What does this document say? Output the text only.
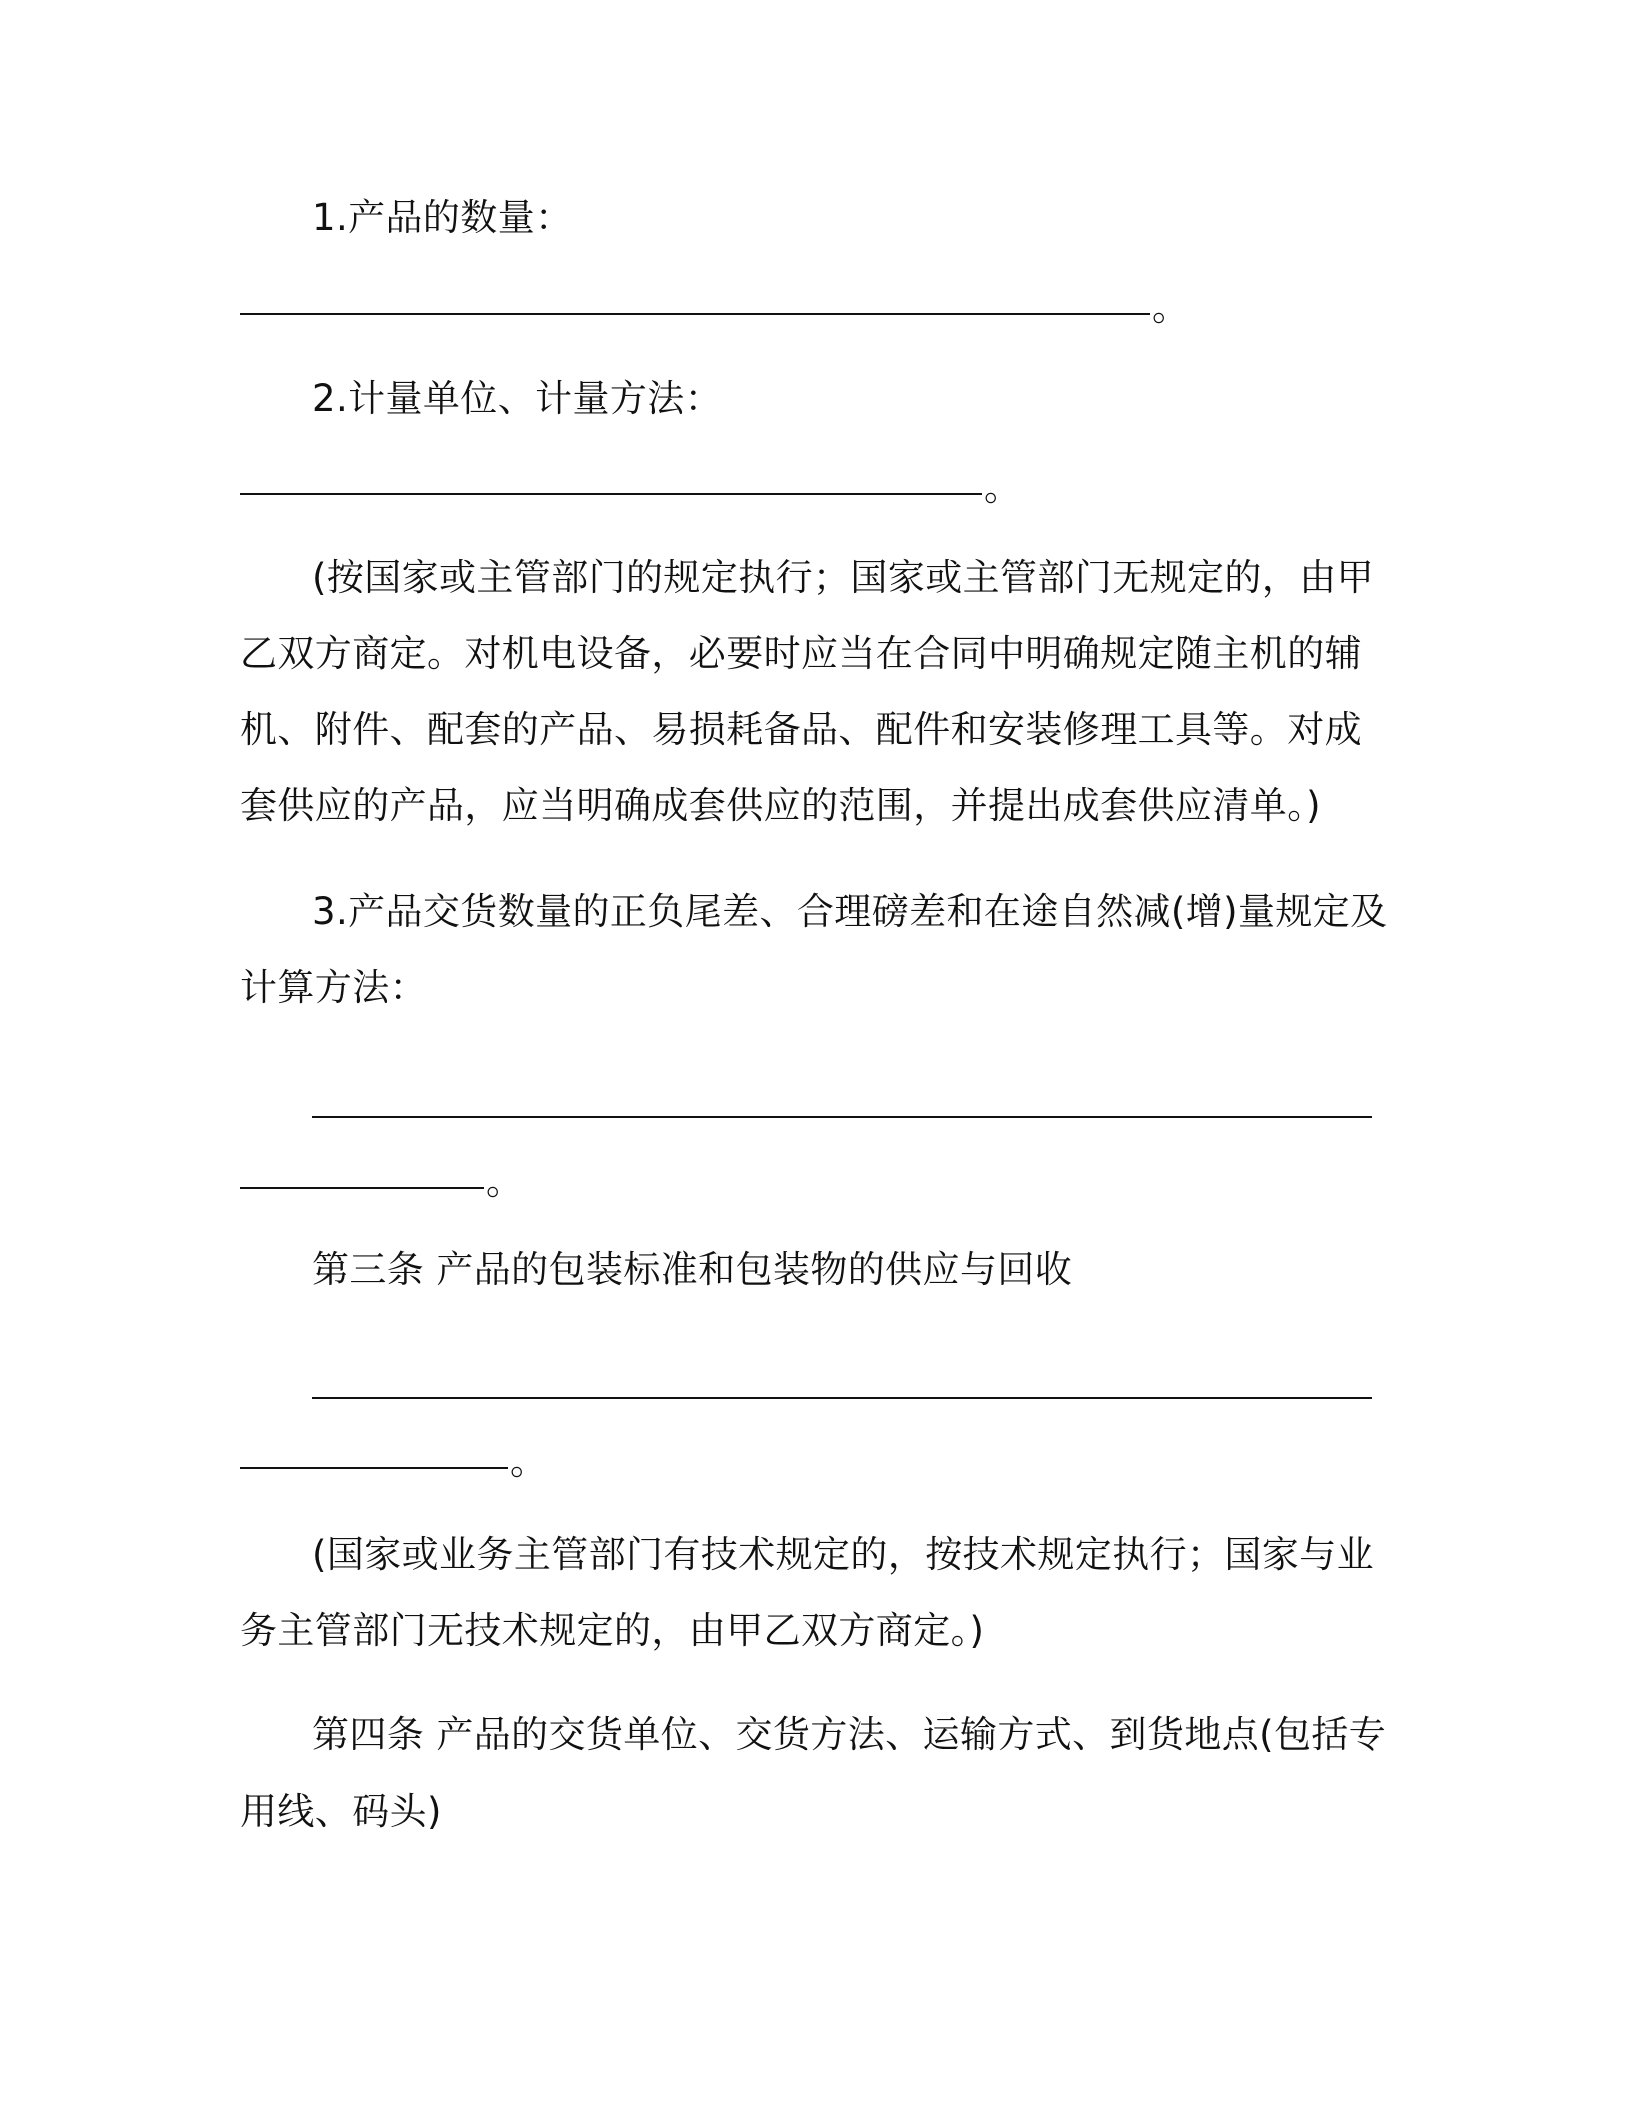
1.产品的数量：
。
2.计量单位、计量方法：
。
(按国家或主管部门的规定执行；国家或主管部门无规定的，由甲
乙双方商定。对机电设备，必要时应当在合同中明确规定随主机的辅
机、附件、配套的产品、易损耗备品、配件和安装修理工具等。对成
套供应的产品，应当明确成套供应的范围，并提出成套供应清单。)
3.产品交货数量的正负尾差、合理磅差和在途自然减(增)量规定及
计算方法：
。
第三条 产品的包装标准和包装物的供应与回收
。
(国家或业务主管部门有技术规定的，按技术规定执行；国家与业
务主管部门无技术规定的，由甲乙双方商定。)
第四条 产品的交货单位、交货方法、运输方式、到货地点(包括专
用线、码头)
